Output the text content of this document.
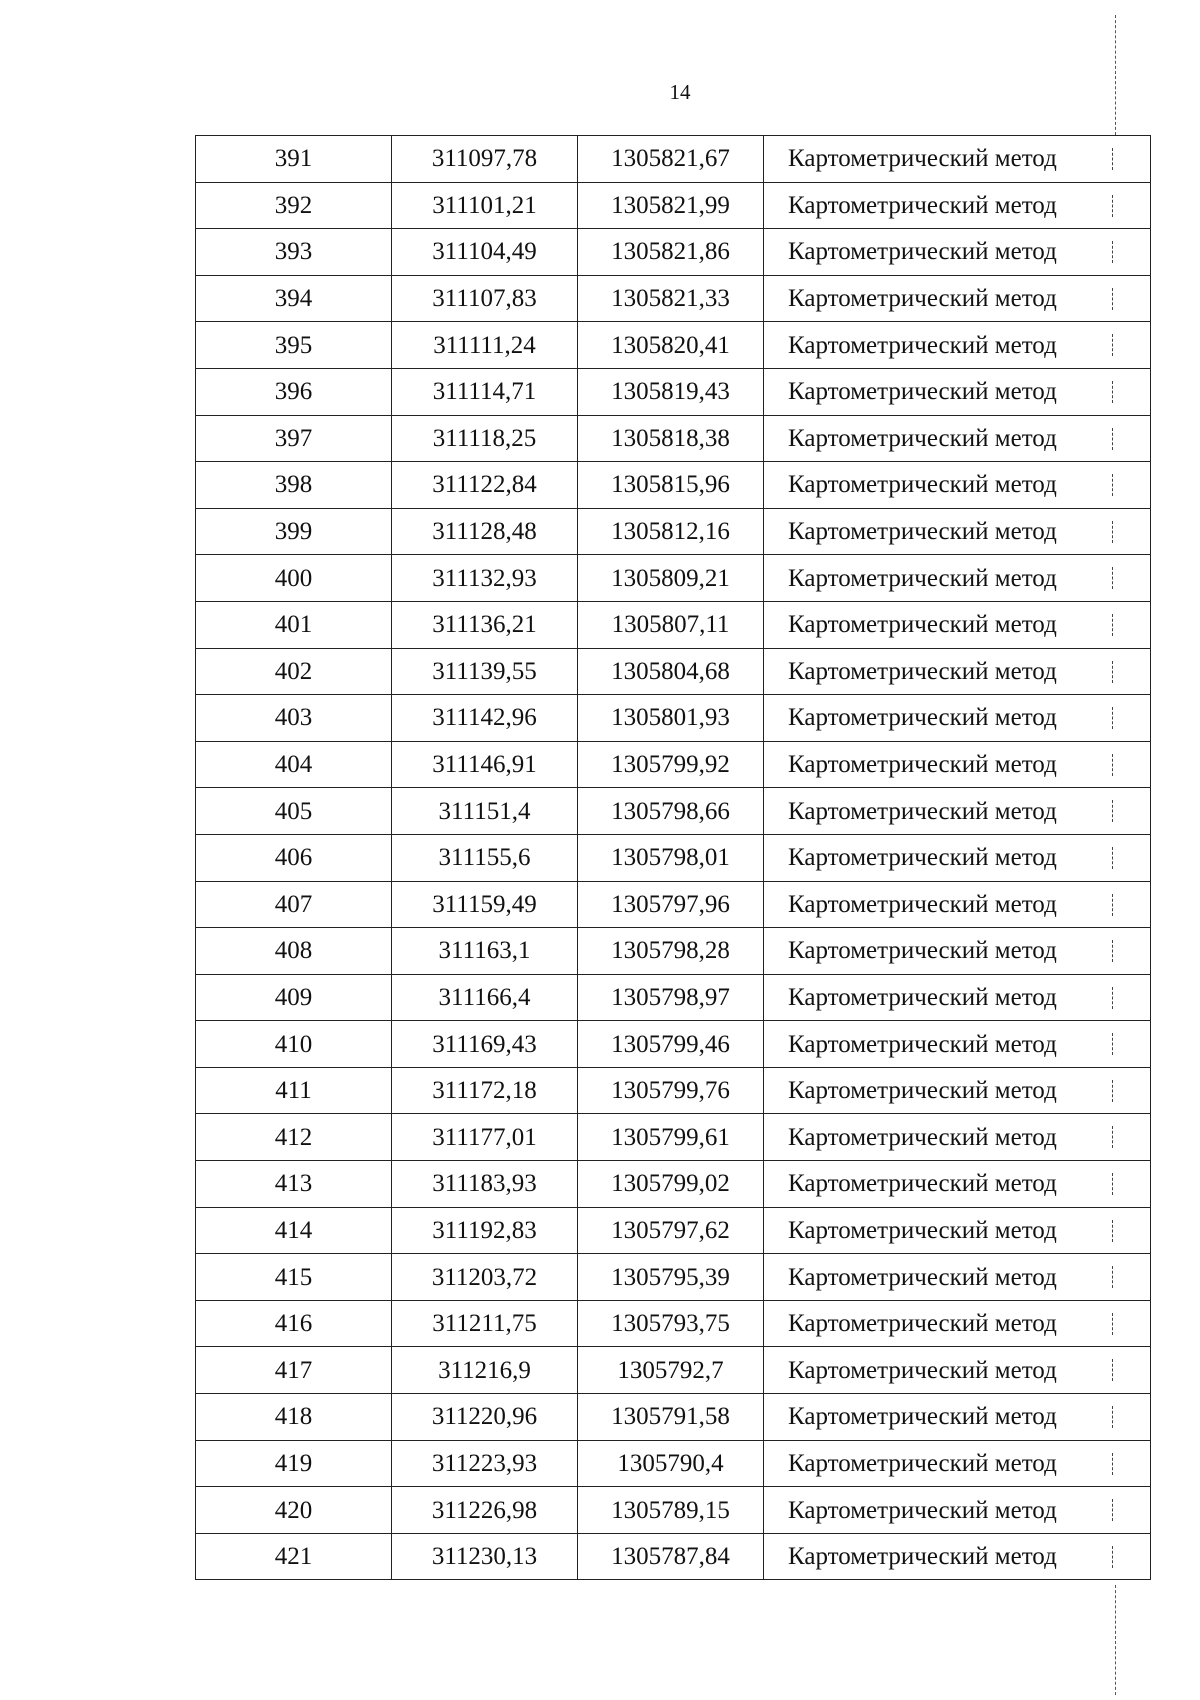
14
391	311097,78	1305821,67	Картометрический метод

392	311101,21	1305821,99	Картометрический метод

393	311104,49	1305821,86	Картометрический метод

394	311107,83	1305821,33	Картометрический метод

395	311111,24	1305820,41	Картометрический метод

396	311114,71	1305819,43	Картометрический метод

397	311118,25	1305818,38	Картометрический метод

398	311122,84	1305815,96	Картометрический метод

399	311128,48	1305812,16	Картометрический метод

400	311132,93	1305809,21	Картометрический метод

401	311136,21	1305807,11	Картометрический метод

402	311139,55	1305804,68	Картометрический метод

403	311142,96	1305801,93	Картометрический метод

404	311146,91	1305799,92	Картометрический метод

405	311151,4	1305798,66	Картометрический метод

406	311155,6	1305798,01	Картометрический метод

407	311159,49	1305797,96	Картометрический метод

408	311163,1	1305798,28	Картометрический метод

409	311166,4	1305798,97	Картометрический метод

410	311169,43	1305799,46	Картометрический метод

411	311172,18	1305799,76	Картометрический метод

412	311177,01	1305799,61	Картометрический метод

413	311183,93	1305799,02	Картометрический метод

414	311192,83	1305797,62	Картометрический метод

415	311203,72	1305795,39	Картометрический метод

416	311211,75	1305793,75	Картометрический метод

417	311216,9	1305792,7	Картометрический метод

418	311220,96	1305791,58	Картометрический метод

419	311223,93	1305790,4	Картометрический метод

420	311226,98	1305789,15	Картометрический метод

421	311230,13	1305787,84	Картометрический метод
